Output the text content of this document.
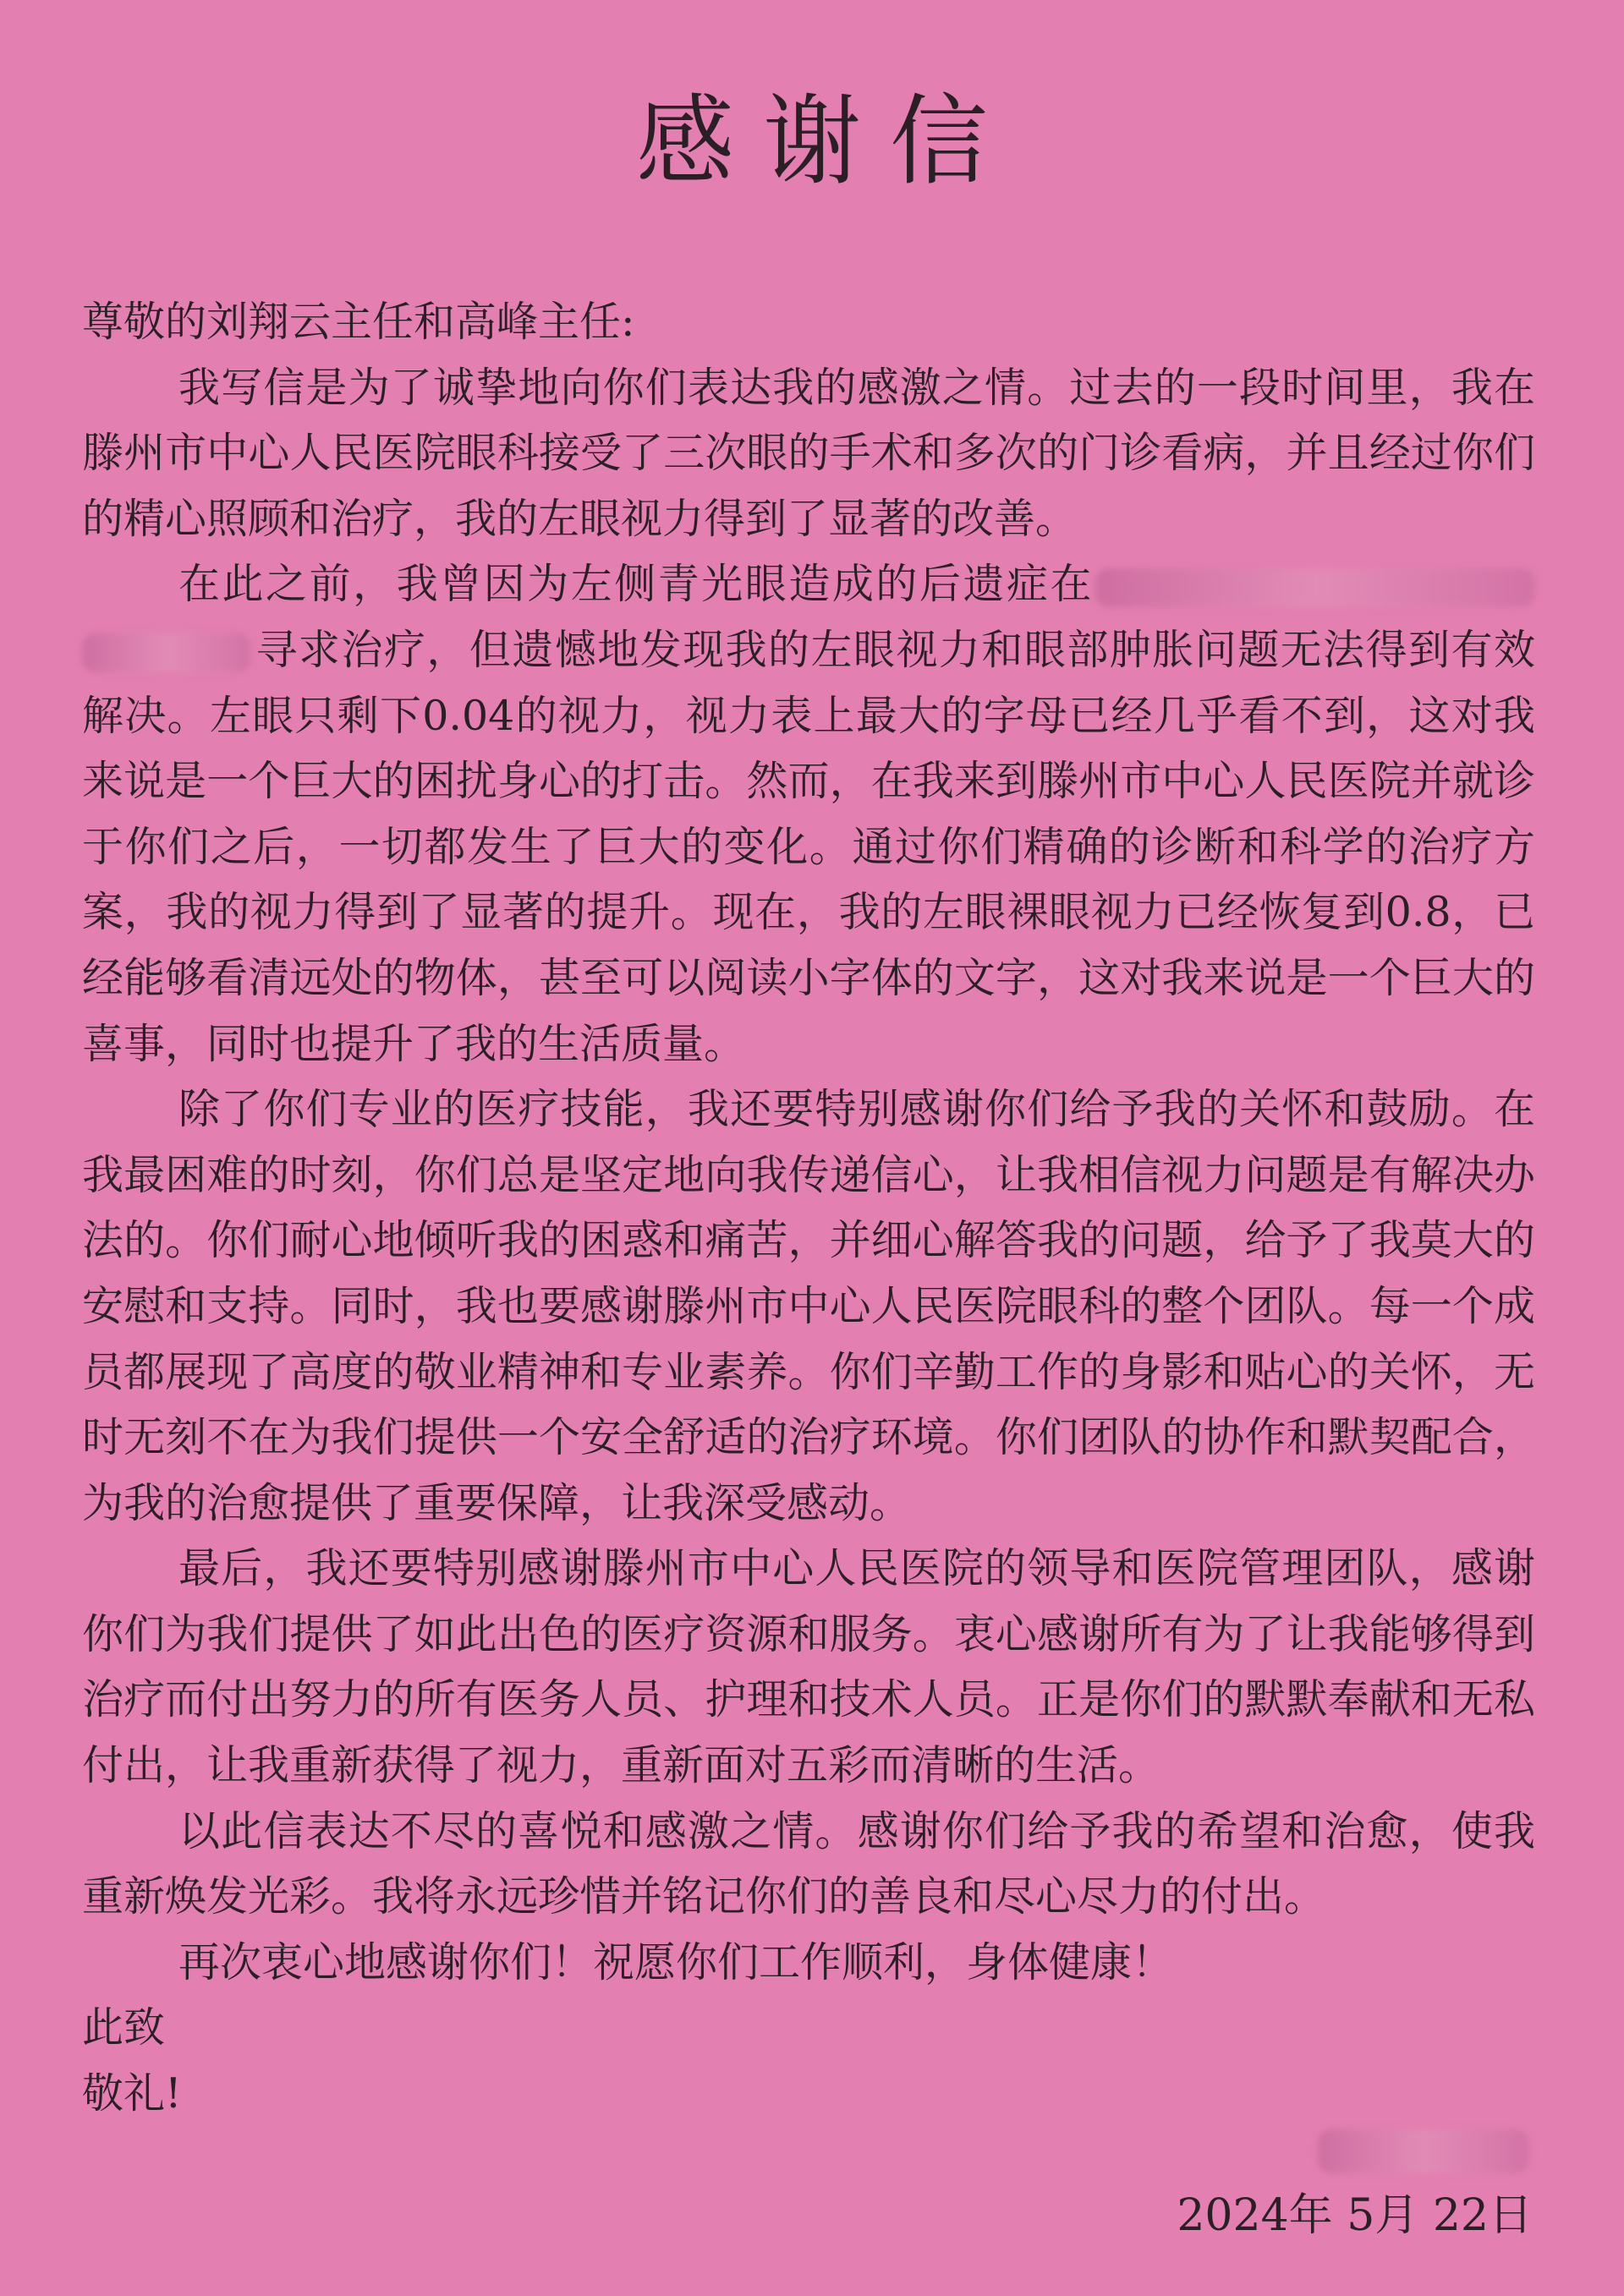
感谢信

尊敬的刘翔云主任和高峰主任:

我写信是为了诚挚地向你们表达我的感激之情。过去的一段时间里，我在滕州市中心人民医院眼科接受了三次眼的手术和多次的门诊看病，并且经过你们的精心照顾和治疗，我的左眼视力得到了显著的改善。

在此之前，我曾因为左侧青光眼造成的后遗症在寻求治疗，但遗憾地发现我的左眼视力和眼部肿胀问题无法得到有效解决。左眼只剩下0.04的视力，视力表上最大的字母已经几乎看不到，这对我来说是一个巨大的困扰身心的打击。然而，在我来到滕州市中心人民医院并就诊于你们之后，一切都发生了巨大的变化。通过你们精确的诊断和科学的治疗方案，我的视力得到了显著的提升。现在，我的左眼裸眼视力已经恢复到0.8，已经能够看清远处的物体，甚至可以阅读小字体的文字，这对我来说是一个巨大的喜事，同时也提升了我的生活质量。

除了你们专业的医疗技能，我还要特别感谢你们给予我的关怀和鼓励。在我最困难的时刻，你们总是坚定地向我传递信心，让我相信视力问题是有解决办法的。你们耐心地倾听我的困惑和痛苦，并细心解答我的问题，给予了我莫大的安慰和支持。同时，我也要感谢滕州市中心人民医院眼科的整个团队。每一个成员都展现了高度的敬业精神和专业素养。你们辛勤工作的身影和贴心的关怀，无时无刻不在为我们提供一个安全舒适的治疗环境。你们团队的协作和默契配合，为我的治愈提供了重要保障，让我深受感动。

最后，我还要特别感谢滕州市中心人民医院的领导和医院管理团队，感谢你们为我们提供了如此出色的医疗资源和服务。衷心感谢所有为了让我能够得到治疗而付出努力的所有医务人员、护理和技术人员。正是你们的默默奉献和无私付出，让我重新获得了视力，重新面对五彩而清晰的生活。

以此信表达不尽的喜悦和感激之情。感谢你们给予我的希望和治愈，使我重新焕发光彩。我将永远珍惜并铭记你们的善良和尽心尽力的付出。

再次衷心地感谢你们！祝愿你们工作顺利，身体健康！

此致

敬礼!

2024年 5月 22日
